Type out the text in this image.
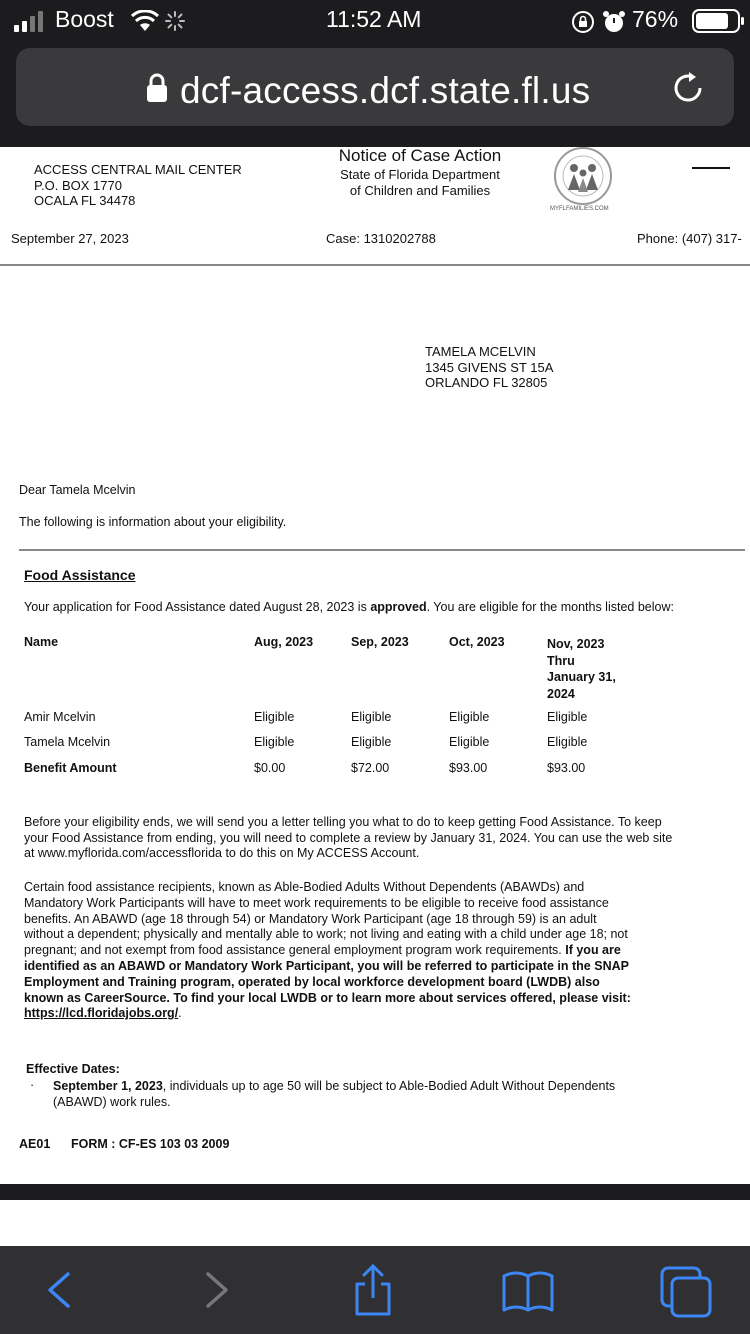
Boost	11:52 AM	76%
dcf-access.dcf.state.fl.us
ACCESS CENTRAL MAIL CENTER
P.O. BOX 1770
OCALA FL 34478
Notice of Case Action
State of Florida Department
of Children and Families
MYFLFAMILIES.COM
September 27, 2023	Case: 1310202788	Phone: (407) 317-
TAMELA MCELVIN
1345 GIVENS ST 15A
ORLANDO FL 32805
Dear Tamela Mcelvin
The following is information about your eligibility.
Food Assistance
Your application for Food Assistance dated August 28, 2023 is approved. You are eligible for the months listed below:
Name	Aug, 2023	Sep, 2023	Oct, 2023	Nov, 2023
Thru
January 31,
2024
Amir Mcelvin	Eligible	Eligible	Eligible	Eligible
Tamela Mcelvin	Eligible	Eligible	Eligible	Eligible
Benefit Amount	$0.00	$72.00	$93.00	$93.00
Before your eligibility ends, we will send you a letter telling you what to do to keep getting Food Assistance. To keep
your Food Assistance from ending, you will need to complete a review by January 31, 2024. You can use the web site
at www.myflorida.com/accessflorida to do this on My ACCESS Account.
Certain food assistance recipients, known as Able-Bodied Adults Without Dependents (ABAWDs) and
Mandatory Work Participants will have to meet work requirements to be eligible to receive food assistance
benefits. An ABAWD (age 18 through 54) or Mandatory Work Participant (age 18 through 59) is an adult
without a dependent; physically and mentally able to work; not living and eating with a child under age 18; not
pregnant; and not exempt from food assistance general employment program work requirements. If you are
identified as an ABAWD or Mandatory Work Participant, you will be referred to participate in the SNAP
Employment and Training program, operated by local workforce development board (LWDB) also
known as CareerSource. To find your local LWDB or to learn more about services offered, please visit:
https://lcd.floridajobs.org/.
Effective Dates:
· September 1, 2023, individuals up to age 50 will be subject to Able-Bodied Adult Without Dependents
(ABAWD) work rules.
AE01 FORM : CF-ES 103 03 2009
